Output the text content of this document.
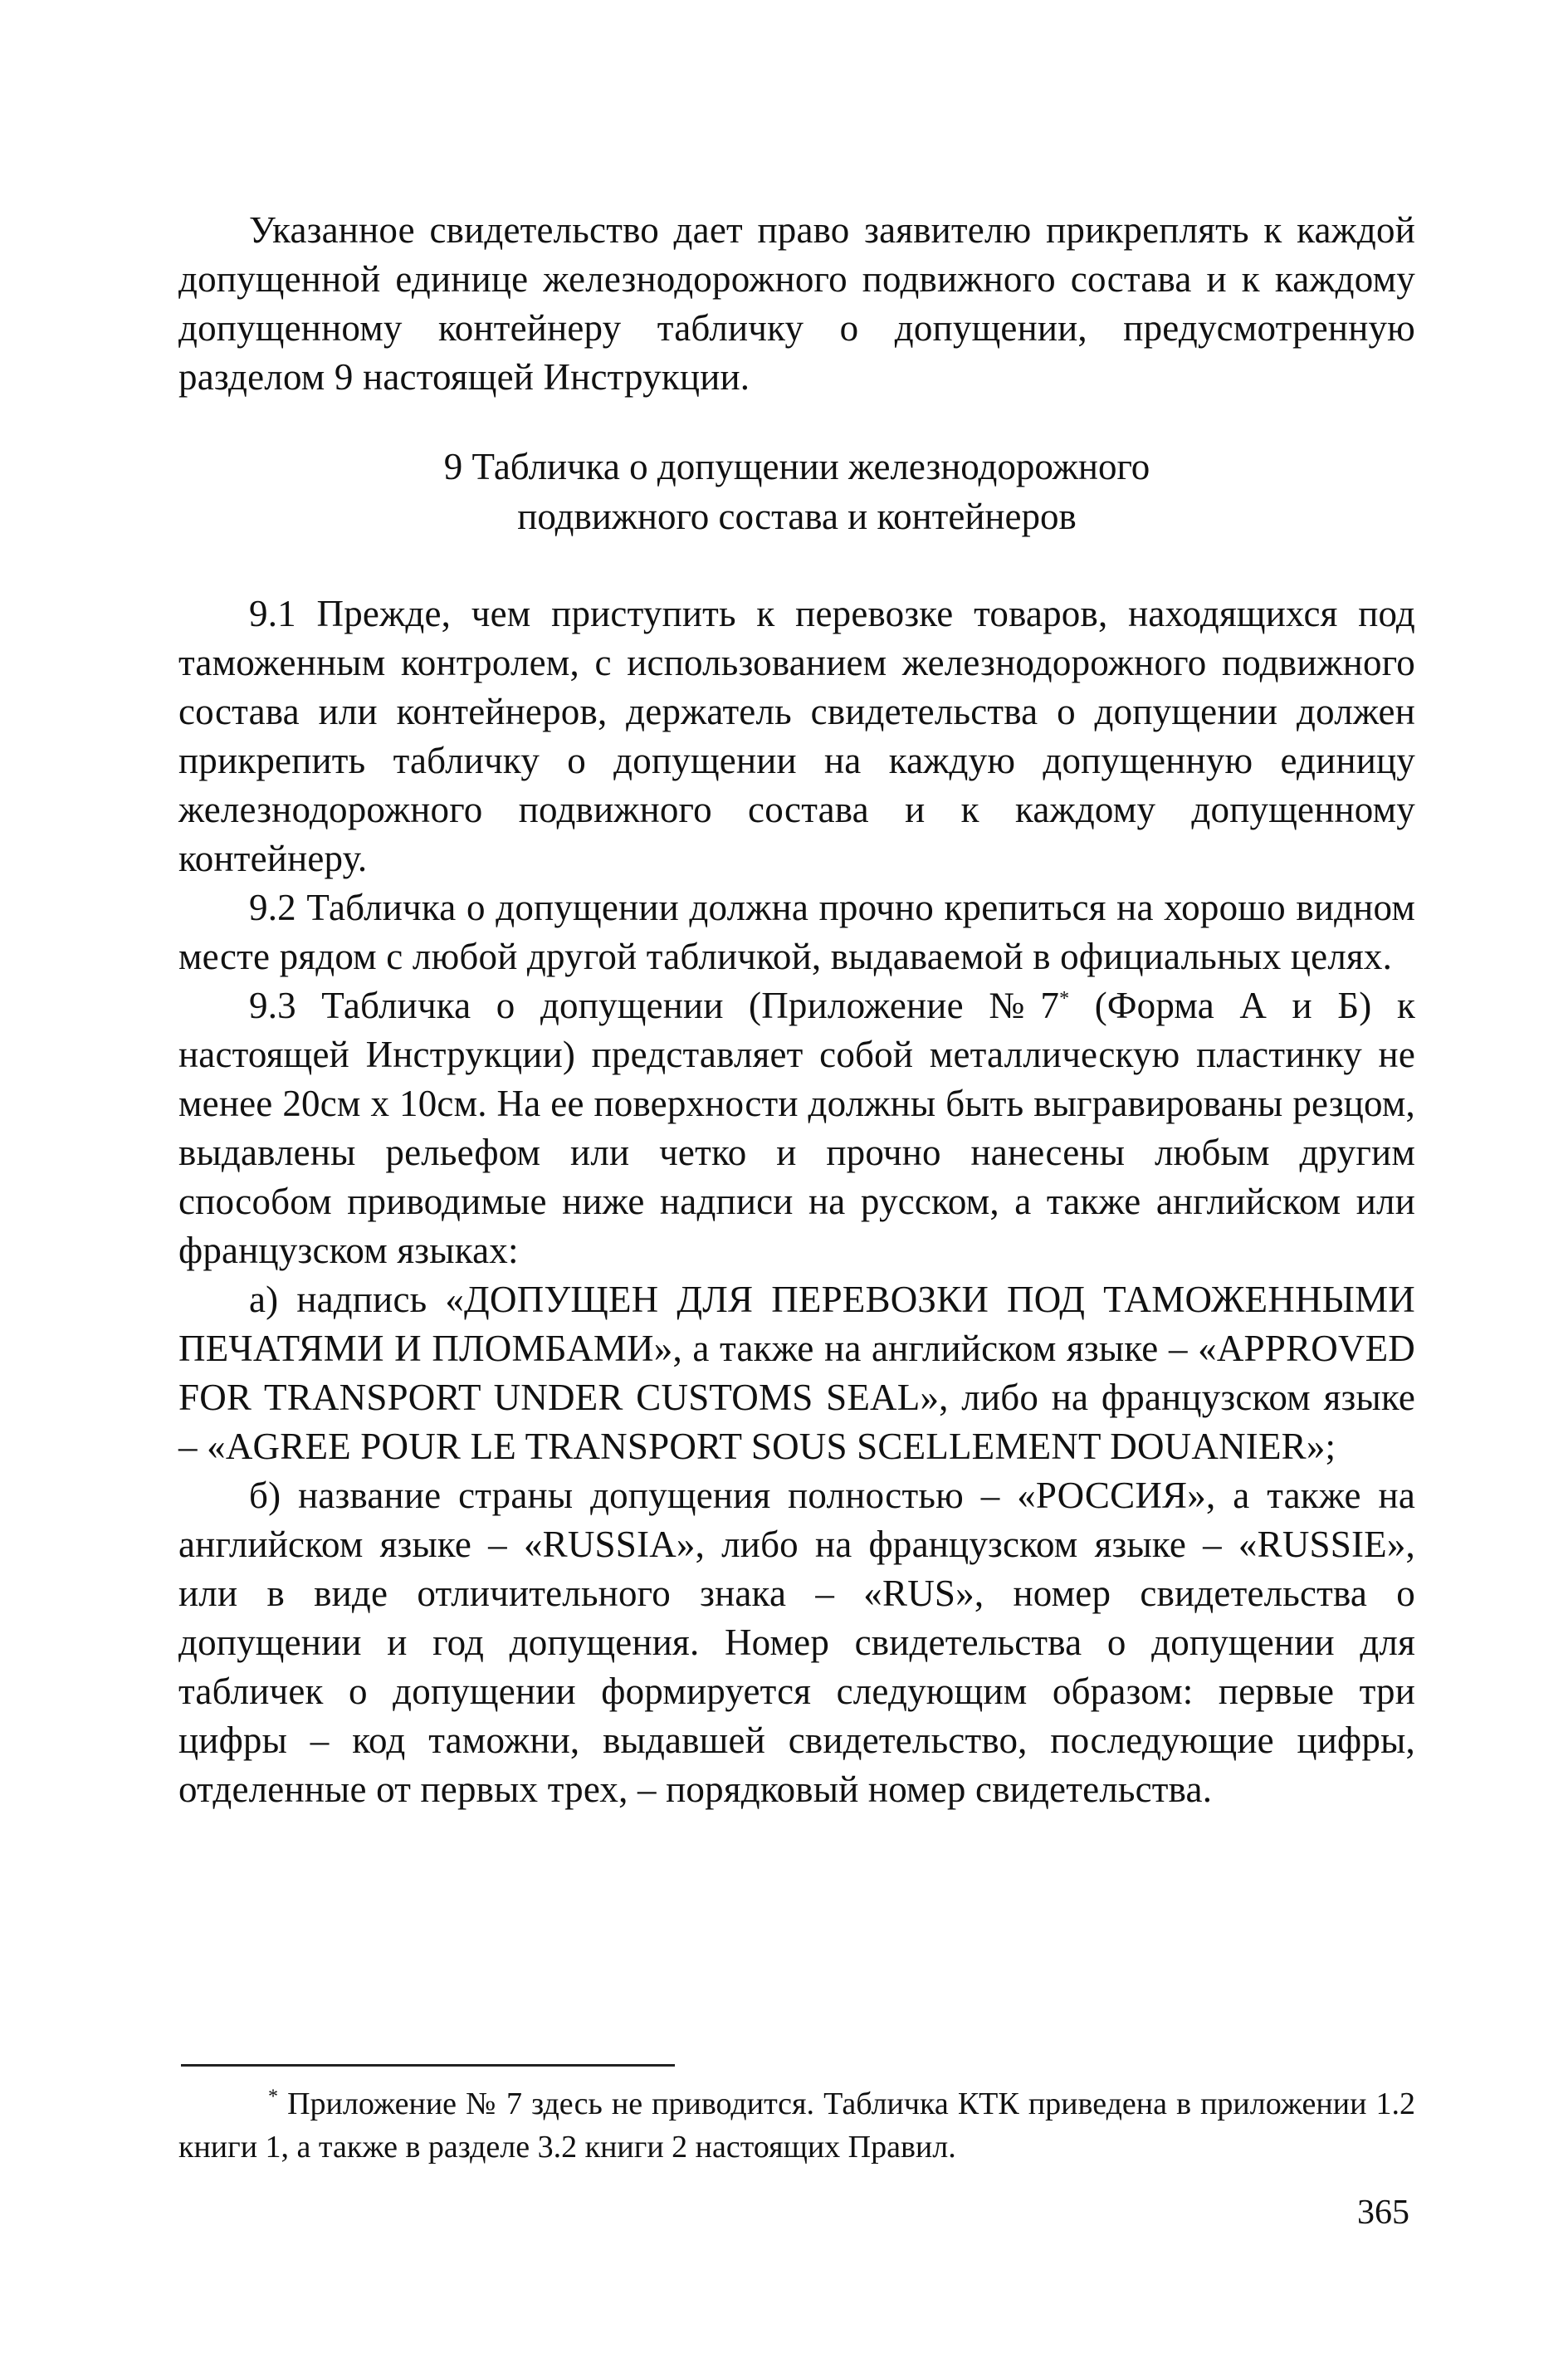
Указанное свидетельство дает право заявителю прикреплять к каждой допущенной единице железнодорожного подвижного состава и к каждому допущенному контейнеру табличку о допущении, предусмотренную разделом 9 настоящей Инструкции.

9 Табличка о допущении железнодорожного
подвижного состава и контейнеров

9.1 Прежде, чем приступить к перевозке товаров, находящихся под таможенным контролем, с использованием железнодорожного подвижного состава или контейнеров, держатель свидетельства о допущении должен прикрепить табличку о допущении на каждую допущенную единицу железнодорожного подвижного состава и к каждому допущенному контейнеру.

9.2 Табличка о допущении должна прочно крепиться на хорошо видном месте рядом с любой другой табличкой, выдаваемой в официальных целях.

9.3 Табличка о допущении (Приложение №7* (Форма А и Б) к настоящей Инструкции) представляет собой металлическую пластинку не менее 20см х 10см. На ее поверхности должны быть выгравированы резцом, выдавлены рельефом или четко и прочно нанесены любым другим способом приводимые ниже надписи на русском, а также английском или французском языках:

а) надпись «ДОПУЩЕН ДЛЯ ПЕРЕВОЗКИ ПОД ТАМОЖЕННЫМИ ПЕЧАТЯМИ И ПЛОМБАМИ», а также на английском языке – «APPROVED FOR TRANSPORT UNDER CUSTOMS SEAL», либо на французском языке – «AGREE POUR LE TRANSPORT SOUS SCELLEMENT DOUANIER»;

б) название страны допущения полностью – «РОССИЯ», а также на английском языке – «RUSSIA», либо на французском языке – «RUSSIE», или в виде отличительного знака – «RUS», номер свидетельства о допущении и год допущения. Номер свидетельства о допущении для табличек о допущении формируется следующим образом: первые три цифры – код таможни, выдавшей свидетельство, последующие цифры, отделенные от первых трех, – порядковый номер свидетельства.

* Приложение № 7 здесь не приводится. Табличка КТК приведена в приложении 1.2 книги 1, а также в разделе 3.2 книги 2 настоящих Правил.

365
